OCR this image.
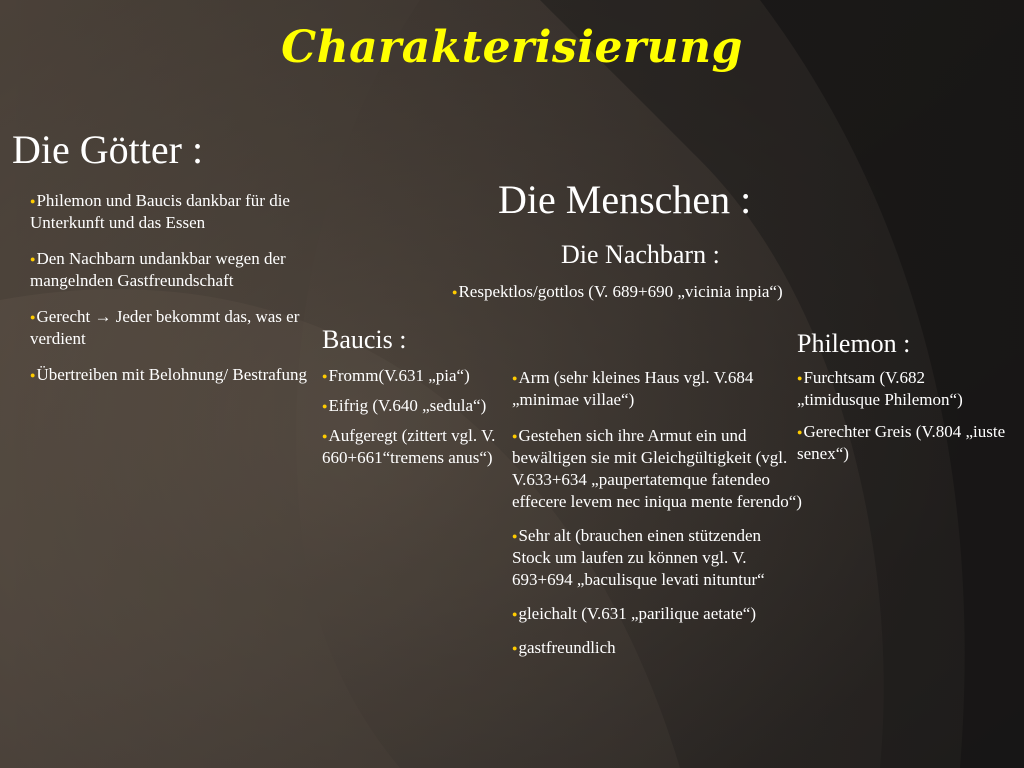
Charakterisierung
Die Götter :
●Philemon und Baucis dankbar für die Unterkunft und das Essen
●Den Nachbarn undankbar wegen der mangelnden Gastfreundschaft
●Gerecht → Jeder bekommt das, was er verdient
●Übertreiben mit Belohnung/ Bestrafung
Die Menschen :
Die Nachbarn :
●Respektlos/gottlos (V. 689+690 „vicinia inpia“)
Baucis :
●Fromm(V.631 „pia“)
●Eifrig (V.640 „sedula“)
●Aufgeregt (zittert vgl. V. 660+661“tremens anus“)
●Arm (sehr kleines Haus vgl. V.684 „minimae villae“)
●Gestehen sich ihre Armut ein und bewältigen sie mit Gleichgültigkeit (vgl. V.633+634 „paupertatemque fatendeo effecere levem nec iniqua mente ferendo“)
●Sehr alt (brauchen einen stützenden Stock um laufen zu können vgl. V. 693+694 „baculisque levati nituntur“
●gleichalt (V.631 „parilique aetate“)
●gastfreundlich
Philemon :
●Furchtsam (V.682 „timidusque Philemon“)
●Gerechter Greis (V.804 „iuste senex“)
